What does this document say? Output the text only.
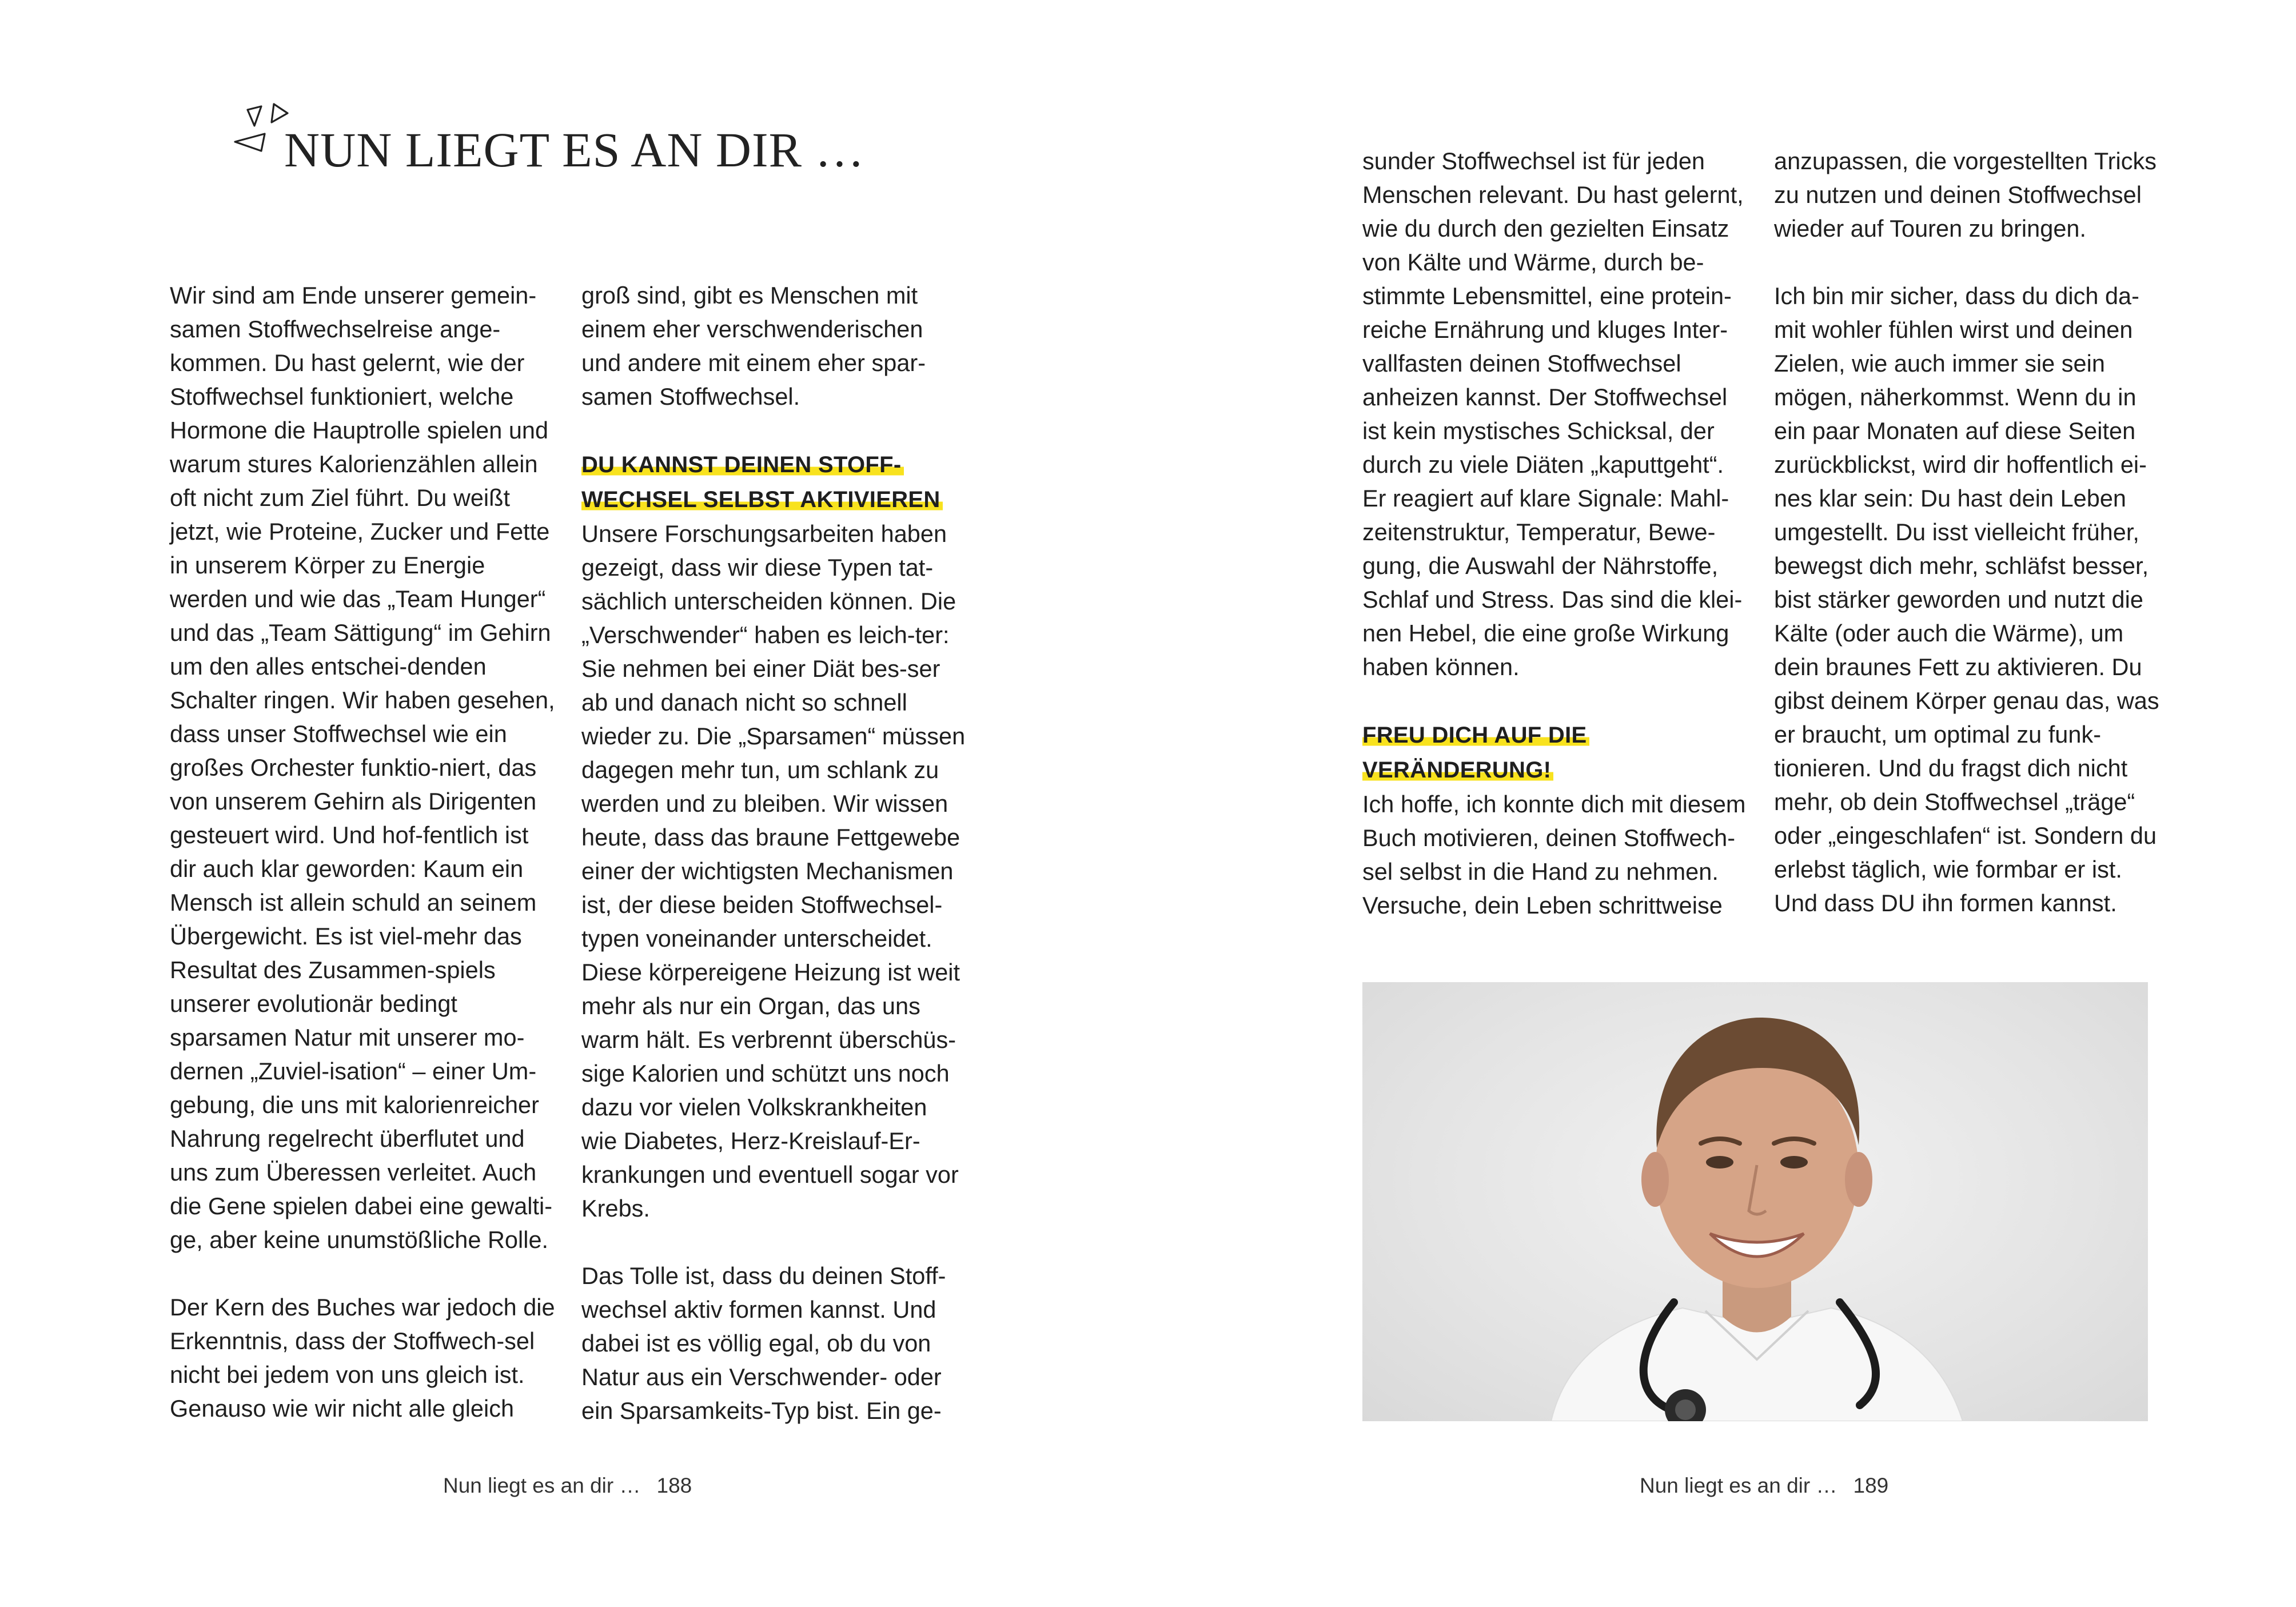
NUN LIEGT ES AN DIR …

Wir sind am Ende unserer gemein-samen Stoffwechselreise ange-kommen. Du hast gelernt, wie der Stoffwechsel funktioniert, welche Hormone die Hauptrolle spielen und warum stures Kalorienzählen allein oft nicht zum Ziel führt. Du weißt jetzt, wie Proteine, Zucker und Fette in unserem Körper zu Energie werden und wie das „Team Hunger“ und das „Team Sättigung“ im Gehirn um den alles entschei-denden Schalter ringen. Wir haben gesehen, dass unser Stoffwechsel wie ein großes Orchester funktio-niert, das von unserem Gehirn als Dirigenten gesteuert wird. Und hof-fentlich ist dir auch klar geworden: Kaum ein Mensch ist allein schuld an seinem Übergewicht. Es ist viel-mehr das Resultat des Zusammen-spiels unserer evolutionär bedingt sparsamen Natur mit unserer mo-dernen „Zuviel-isation“ – einer Um-gebung, die uns mit kalorienreicher Nahrung regelrecht überflutet und uns zum Überessen verleitet. Auch die Gene spielen dabei eine gewalti-ge, aber keine unumstößliche Rolle.

Der Kern des Buches war jedoch die Erkenntnis, dass der Stoffwech-sel nicht bei jedem von uns gleich ist. Genauso wie wir nicht alle gleich

groß sind, gibt es Menschen mit einem eher verschwenderischen und andere mit einem eher spar-samen Stoffwechsel.

DU KANNST DEINEN STOFF-WECHSEL SELBST AKTIVIEREN

Unsere Forschungsarbeiten haben gezeigt, dass wir diese Typen tat-sächlich unterscheiden können. Die „Verschwender“ haben es leich-ter: Sie nehmen bei einer Diät bes-ser ab und danach nicht so schnell wieder zu. Die „Sparsamen“ müssen dagegen mehr tun, um schlank zu werden und zu bleiben. Wir wissen heute, dass das braune Fettgewebe einer der wichtigsten Mechanismen ist, der diese beiden Stoffwechsel-typen voneinander unterscheidet. Diese körpereigene Heizung ist weit mehr als nur ein Organ, das uns warm hält. Es verbrennt überschüs-sige Kalorien und schützt uns noch dazu vor vielen Volkskrankheiten wie Diabetes, Herz-Kreislauf-Er-krankungen und eventuell sogar vor Krebs.

Das Tolle ist, dass du deinen Stoff-wechsel aktiv formen kannst. Und dabei ist es völlig egal, ob du von Natur aus ein Verschwender- oder ein Sparsamkeits-Typ bist. Ein ge-

Nun liegt es an dir … 188

sunder Stoffwechsel ist für jeden Menschen relevant. Du hast gelernt, wie du durch den gezielten Einsatz von Kälte und Wärme, durch be-stimmte Lebensmittel, eine protein-reiche Ernährung und kluges Inter-vallfasten deinen Stoffwechsel anheizen kannst. Der Stoffwechsel ist kein mystisches Schicksal, der durch zu viele Diäten „kaputtgeht“. Er reagiert auf klare Signale: Mahl-zeitenstruktur, Temperatur, Bewe-gung, die Auswahl der Nährstoffe, Schlaf und Stress. Das sind die klei-nen Hebel, die eine große Wirkung haben können.

FREU DICH AUF DIE VERÄNDERUNG!

Ich hoffe, ich konnte dich mit diesem Buch motivieren, deinen Stoffwech-sel selbst in die Hand zu nehmen. Versuche, dein Leben schrittweise

anzupassen, die vorgestellten Tricks zu nutzen und deinen Stoffwechsel wieder auf Touren zu bringen.

Ich bin mir sicher, dass du dich da-mit wohler fühlen wirst und deinen Zielen, wie auch immer sie sein mögen, näherkommst. Wenn du in ein paar Monaten auf diese Seiten zurückblickst, wird dir hoffentlich ei-nes klar sein: Du hast dein Leben umgestellt. Du isst vielleicht früher, bewegst dich mehr, schläfst besser, bist stärker geworden und nutzt die Kälte (oder auch die Wärme), um dein braunes Fett zu aktivieren. Du gibst deinem Körper genau das, was er braucht, um optimal zu funk-tionieren. Und du fragst dich nicht mehr, ob dein Stoffwechsel „träge“ oder „eingeschlafen“ ist. Sondern du erlebst täglich, wie formbar er ist. Und dass DU ihn formen kannst.

Nun liegt es an dir … 189
